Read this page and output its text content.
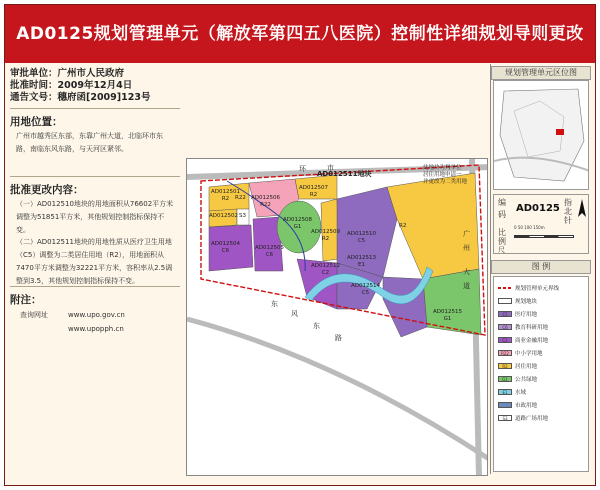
AD0125规划管理单元（解放军第四五八医院）控制性详细规划导则更改
审批单位：广州市人民政府
批准时间：2009年12月4日
通告文号：穗府函[2009]123号
用地位置：
广州市越秀区东部，东靠广州大道，北临环市东路，南临东风东路，与天河区紧邻。
批准更改内容：
（一）AD012510地块的用地面积从76602平方米调整为51851平方米，其他规划控制指标保持不变。
（二）AD012511地块的用地性质从医疗卫生用地（C5）调整为二类居住用地（R2），用地面积从7470平方米调整为32221平方米，容积率从2.5调整到3.5，其他规划控制指标保持不变。
附注：
查询网址	www.upo.gov.cn
www.upopph.cn
AD012511地块
此地块为判单位
居住用地申请一
并更改为二类用地
AD012501
R2
AD012502 S3
AD012504
C6	AD012505
C6
AD012506
R22
AD012507
R2
AD012508
G1
AD012509
R2
AD012510
C5
R2
AD012512
C2
AD012513
E1
AD012514
C5
AD012515
G1
R22
环	市
东
风
东
路
广
州
大
道
规划管理单元区位图
编
码
AD0125
指
北
针
比
例
尺
0 50 100 150m
图 例
规划管理单元界线
规划地块
C5	医疗用地
C6	教育科研用地
C2	商业金融用地
R22	中小学用地
R2	居住用地
G1	公共绿地
E1	水域
市政用地
S3	道路广场用地
